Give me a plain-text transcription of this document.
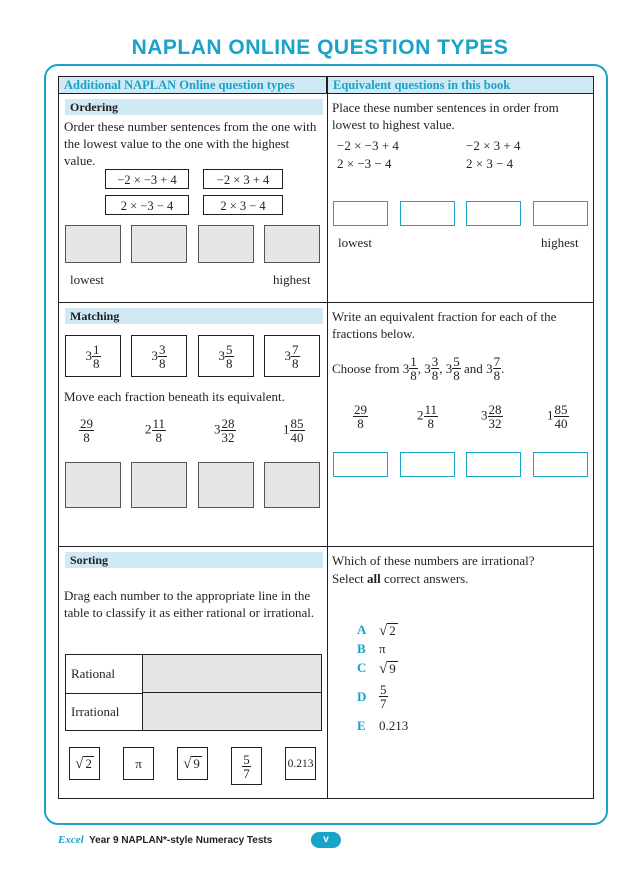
NAPLAN ONLINE QUESTION TYPES
Additional NAPLAN Online question types	Equivalent questions in this book
Ordering
Order these number sentences from the one with the lowest value to the one with the highest value.
−2 × −3 + 4	−2 × 3 + 4
2 × −3 − 4	2 × 3 − 4
lowest	highest
Place these number sentences in order from lowest to highest value.
−2 × −3 + 4	−2 × 3 + 4
2 × −3 − 4	2 × 3 − 4
lowest	highest
Matching
$3 \frac{1}{8}$	$3 \frac{3}{8}$	$3 \frac{5}{8}$	$3 \frac{7}{8}$
Move each fraction beneath its equivalent.
$\frac{29}{8}$	$2 \frac{11}{8}$	$3 \frac{28}{32}$	$1 \frac{85}{40}$
Write an equivalent fraction for each of the fractions below.
Choose from
$3 \frac{1}{8}$ ,
$3 \frac{3}{8}$ ,
$3 \frac{5}{8}$
and
$3 \frac{7}{8}$ .
$\frac{29}{8}$	$2 \frac{11}{8}$	$3 \frac{28}{32}$	$1 \frac{85}{40}$
Sorting
Drag each number to the appropriate line in the table to classify it as either rational or irrational.
Rational
Irrational
√ 2	π	√ 9	$\frac{5}{7}$	0.213
Which of these numbers are irrational?
Select all correct answers.
A √ 2
B	π
C √ 9
D $\frac{5}{7}$
E	0.213
Excel Year 9 NAPLAN*-style Numeracy Tests	v
